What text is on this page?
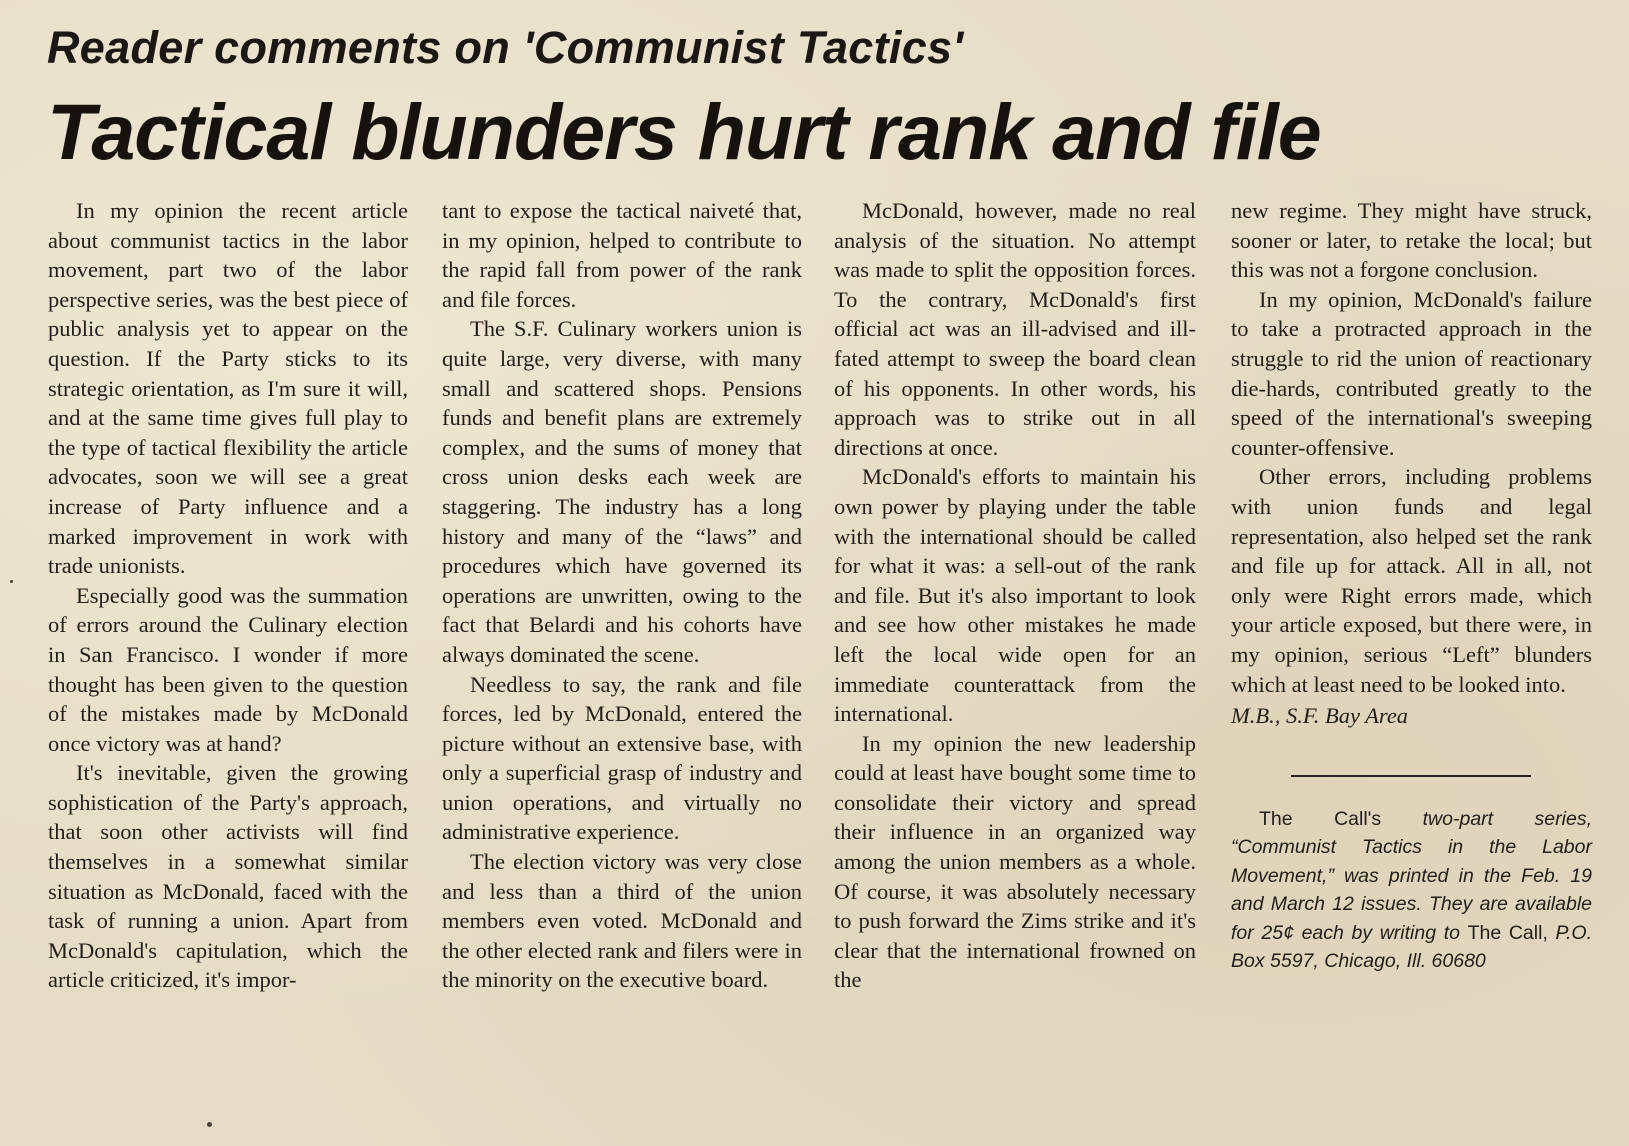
Reader comments on 'Communist Tactics'
Tactical blunders hurt rank and file

In my opinion the recent article about communist tactics in the labor movement, part two of the labor perspective series, was the best piece of public analysis yet to appear on the question. If the Party sticks to its strategic orientation, as I'm sure it will, and at the same time gives full play to the type of tactical flexibility the article advocates, soon we will see a great increase of Party influence and a marked improvement in work with trade unionists.

Especially good was the summation of errors around the Culinary election in San Francisco. I wonder if more thought has been given to the question of the mistakes made by McDonald once victory was at hand?

It's inevitable, given the growing sophistication of the Party's approach, that soon other activists will find themselves in a somewhat similar situation as McDonald, faced with the task of running a union. Apart from McDonald's capitulation, which the article criticized, it's impor-

tant to expose the tactical naiveté that, in my opinion, helped to contribute to the rapid fall from power of the rank and file forces.

The S.F. Culinary workers union is quite large, very diverse, with many small and scattered shops. Pensions funds and benefit plans are extremely complex, and the sums of money that cross union desks each week are staggering. The industry has a long history and many of the “laws” and procedures which have governed its operations are unwritten, owing to the fact that Belardi and his cohorts have always dominated the scene.

Needless to say, the rank and file forces, led by McDonald, entered the picture without an extensive base, with only a superficial grasp of industry and union operations, and virtually no administrative experience.

The election victory was very close and less than a third of the union members even voted. McDonald and the other elected rank and filers were in the minority on the executive board.

McDonald, however, made no real analysis of the situation. No attempt was made to split the opposition forces. To the contrary, McDonald's first official act was an ill-advised and ill-fated attempt to sweep the board clean of his opponents. In other words, his approach was to strike out in all directions at once.

McDonald's efforts to maintain his own power by playing under the table with the international should be called for what it was: a sell-out of the rank and file. But it's also important to look and see how other mistakes he made left the local wide open for an immediate counterattack from the international.

In my opinion the new leadership could at least have bought some time to consolidate their victory and spread their influence in an organized way among the union members as a whole. Of course, it was absolutely necessary to push forward the Zims strike and it's clear that the international frowned on the

new regime. They might have struck, sooner or later, to retake the local; but this was not a forgone conclusion.

In my opinion, McDonald's failure to take a protracted approach in the struggle to rid the union of reactionary die-hards, contributed greatly to the speed of the international's sweeping counter-offensive.

Other errors, including problems with union funds and legal representation, also helped set the rank and file up for attack. All in all, not only were Right errors made, which your article exposed, but there were, in my opinion, serious “Left” blunders which at least need to be looked into.

M.B., S.F. Bay Area

The Call's two-part series, “Communist Tactics in the Labor Movement,” was printed in the Feb. 19 and March 12 issues. They are available for 25¢ each by writing to The Call, P.O. Box 5597, Chicago, Ill. 60680
